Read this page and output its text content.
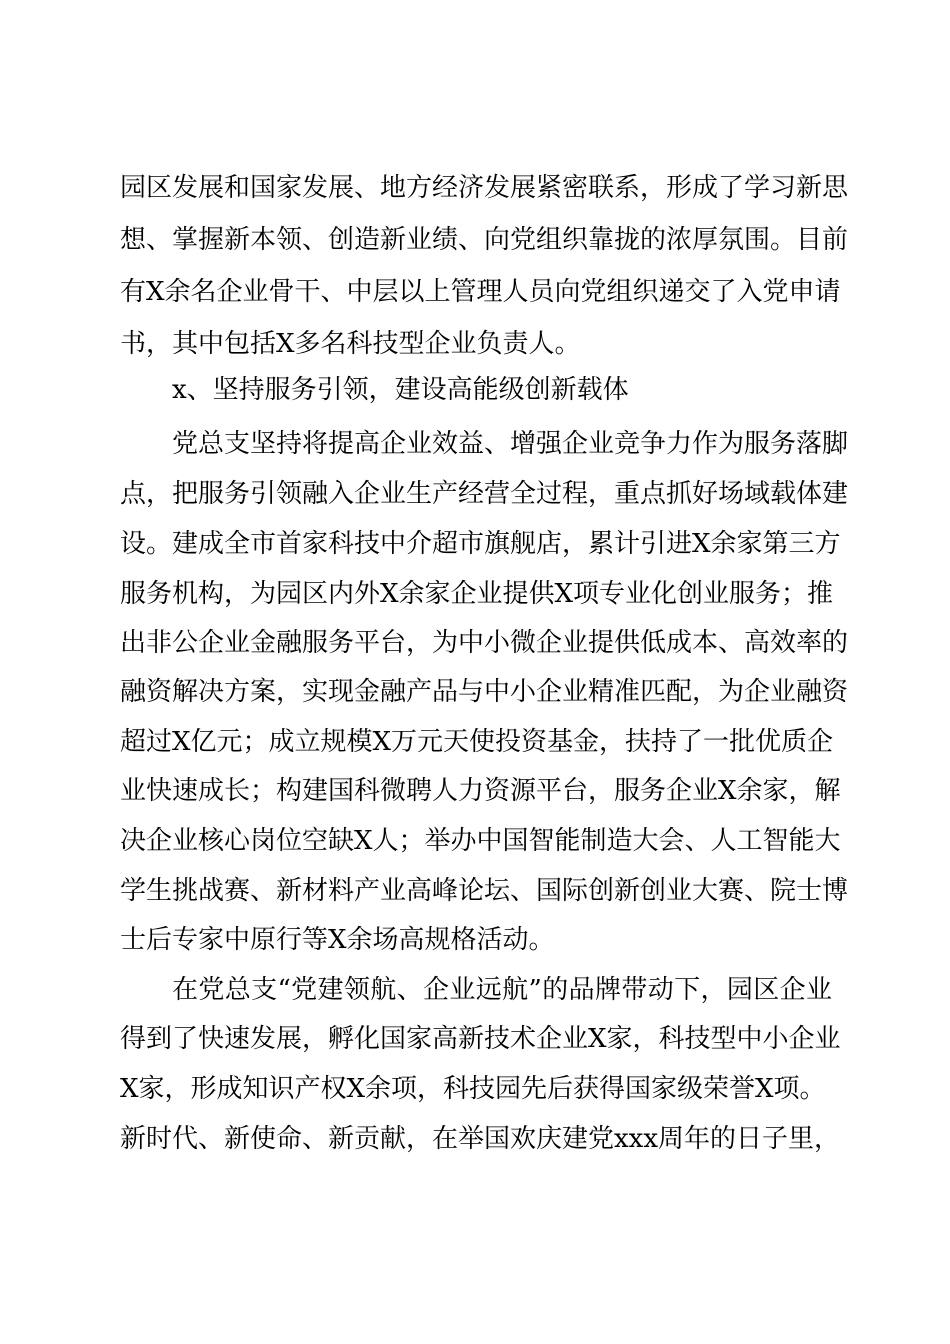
园区发展和国家发展、地方经济发展紧密联系，形成了学习新思
想、掌握新本领、创造新业绩、向党组织靠拢的浓厚氛围。目前
有X余名企业骨干、中层以上管理人员向党组织递交了入党申请
书，其中包括X多名科技型企业负责人。
x、坚持服务引领，建设高能级创新载体
党总支坚持将提高企业效益、增强企业竞争力作为服务落脚
点，把服务引领融入企业生产经营全过程，重点抓好场域载体建
设。建成全市首家科技中介超市旗舰店，累计引进X余家第三方
服务机构，为园区内外X余家企业提供X项专业化创业服务；推
出非公企业金融服务平台，为中小微企业提供低成本、高效率的
融资解决方案，实现金融产品与中小企业精准匹配，为企业融资
超过X亿元；成立规模X万元天使投资基金，扶持了一批优质企
业快速成长；构建国科微聘人力资源平台，服务企业X余家，解
决企业核心岗位空缺X人；举办中国智能制造大会、人工智能大
学生挑战赛、新材料产业高峰论坛、国际创新创业大赛、院士博
士后专家中原行等X余场高规格活动。
在党总支“党建领航、企业远航”的品牌带动下，园区企业
得到了快速发展，孵化国家高新技术企业X家，科技型中小企业
X家，形成知识产权X余项，科技园先后获得国家级荣誉X项。
新时代、新使命、新贡献，在举国欢庆建党xxx周年的日子里，
